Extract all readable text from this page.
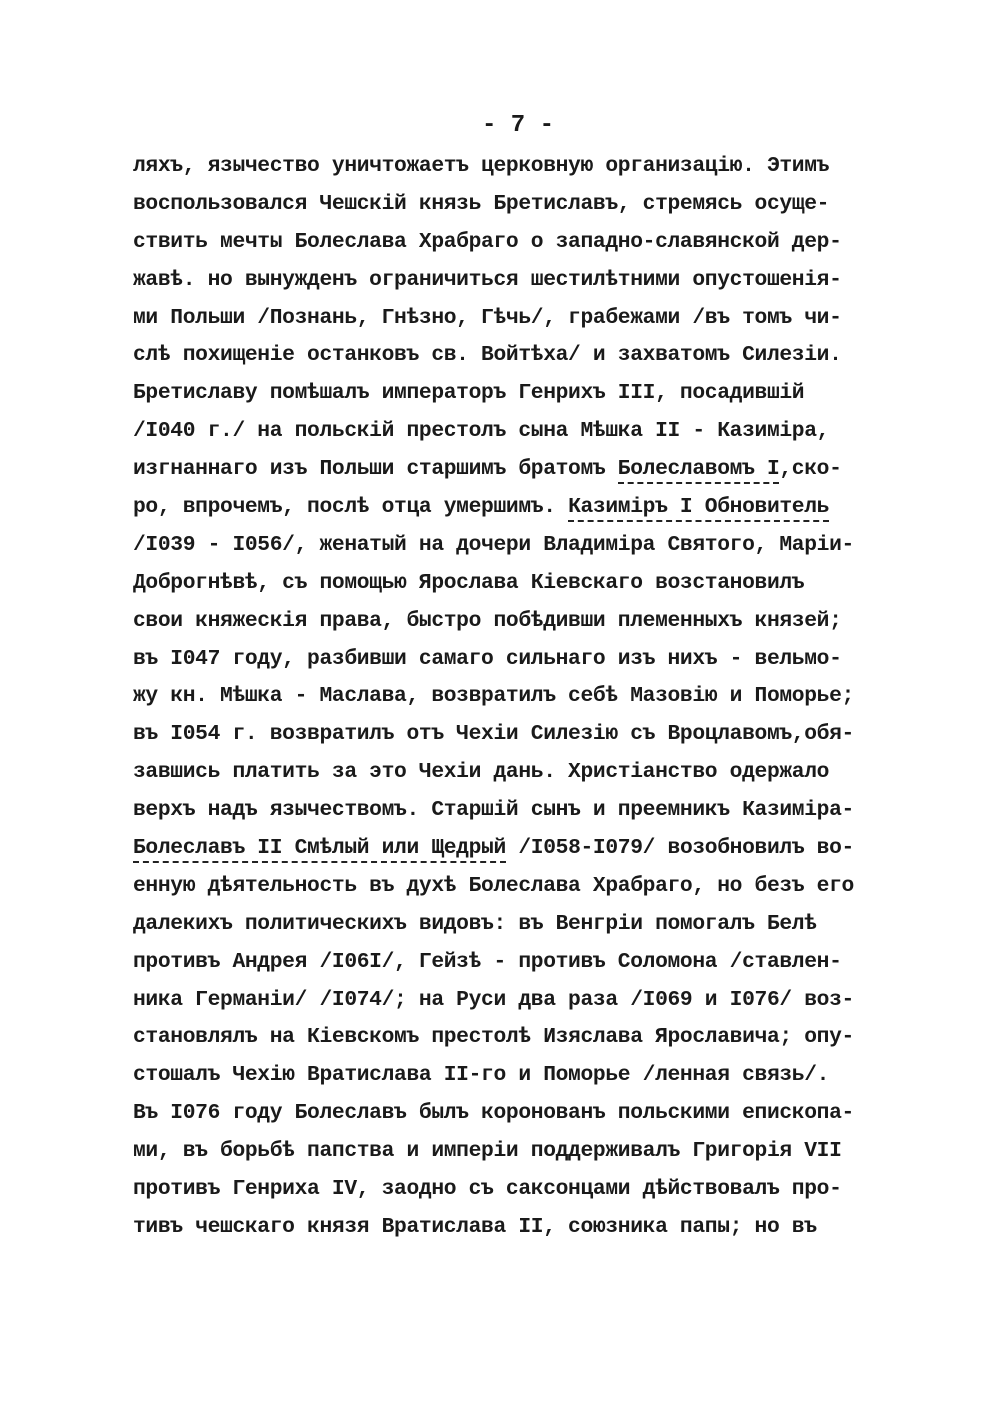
- 7 -
ляхъ, язычество уничтожаетъ церковную организацію. Этимъ
воспользовался Чешскій князь Бретиславъ, стремясь осуще-
ствить мечты Болеслава Храбраго о западно-славянской дер-
жавѣ. но вынужденъ ограничиться шестилѣтними опустошенія-
ми Польши /Познань, Гнѣзно, Гѣчь/, грабежами /въ томъ чи-
слѣ похищеніе останковъ св. Войтѣха/ и захватомъ Силезіи.
Бретиславу помѣшалъ императоръ Генрихъ III, посадившій
/I040 г./ на польскій престолъ сына Мѣшка II - Казиміра,
изгнаннаго изъ Польши старшимъ братомъ Болеславомъ I,ско-
ро, впрочемъ, послѣ отца умершимъ. Казиміръ I Обновитель
/I039 - I056/, женатый на дочери Владиміра Святого, Маріи-
Доброгнѣвѣ, съ помощью Ярослава Кіевскаго возстановилъ
свои княжескія права, быстро побѣдивши племенныхъ князей;
въ I047 году, разбивши самаго сильнаго изъ нихъ - вельмо-
жу кн. Мѣшка - Маслава, возвратилъ себѣ Мазовію и Поморье;
въ I054 г. возвратилъ отъ Чехіи Силезію съ Вроцлавомъ,обя-
завшись платить за это Чехіи дань. Христіанство одержало
верхъ надъ язычествомъ. Старшій сынъ и преемникъ Казиміра-
Болеславъ II Смѣлый или Щедрый /I058-I079/ возобновилъ во-
енную дѣятельность въ духѣ Болеслава Храбраго, но безъ его
далекихъ политическихъ видовъ: въ Венгріи помогалъ Белѣ
противъ Андрея /I06I/, Гейзѣ - противъ Соломона /ставлен-
ника Германіи/ /I074/; на Руси два раза /I069 и I076/ воз-
становлялъ на Кіевскомъ престолѣ Изяслава Ярославича; опу-
стошалъ Чехію Вратислава II-го и Поморье /ленная связь/.
Въ I076 году Болеславъ былъ коронованъ польскими епископа-
ми, въ борьбѣ папства и имперіи поддерживалъ Григорія VII
противъ Генриха IV, заодно съ саксонцами дѣйствовалъ про-
тивъ чешскаго князя Вратислава II, союзника папы; но въ
